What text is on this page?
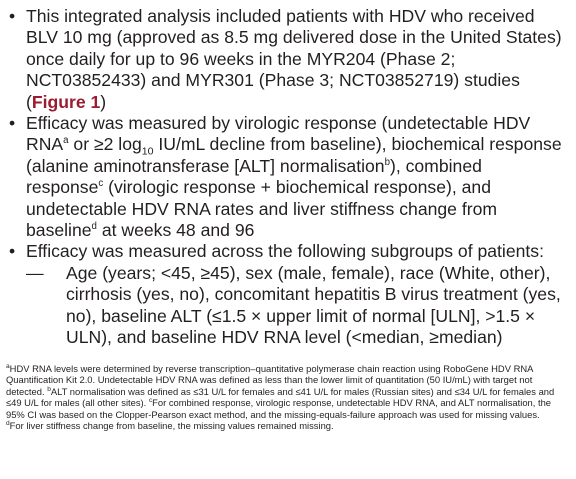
• This integrated analysis included patients with HDV who received BLV 10 mg (approved as 8.5 mg delivered dose in the United States) once daily for up to 96 weeks in the MYR204 (Phase 2; NCT03852433) and MYR301 (Phase 3; NCT03852719) studies (Figure 1)
• Efficacy was measured by virologic response (undetectable HDV RNA$^a$ or ≥2 $\log_{10} IU/mL$ decline from baseline), biochemical response (alanine aminotransferase [ALT] normalisation$^b$), combined response$^c$ (virologic response + biochemical response), and undetectable HDV RNA rates and liver stiffness change from baseline$^d$ at weeks 48 and 96
• Efficacy was measured across the following subgroups of patients:
— Age (years; <45, ≥45), sex (male, female), race (White, other), cirrhosis (yes, no), concomitant hepatitis B virus treatment (yes, no), baseline ALT (≤1.5 × upper limit of normal [ULN], >1.5 × ULN), and baseline HDV RNA level (<median, ≥median)
$^a$HDV RNA levels were determined by reverse transcription–quantitative polymerase chain reaction using RoboGene HDV RNA Quantification Kit 2.0. Undetectable HDV RNA was defined as less than the lower limit of quantitation (50 IU/mL) with target not detected. $^b$ALT normalisation was defined as ≤31 U/L for females and ≤41 U/L for males (Russian sites) and ≤34 U/L for females and ≤49 U/L for males (all other sites). $^c$For combined response, virologic response, undetectable HDV RNA, and ALT normalisation, the 95% CI was based on the Clopper-Pearson exact method, and the missing-equals-failure approach was used for missing values. $^d$For liver stiffness change from baseline, the missing values remained missing.
